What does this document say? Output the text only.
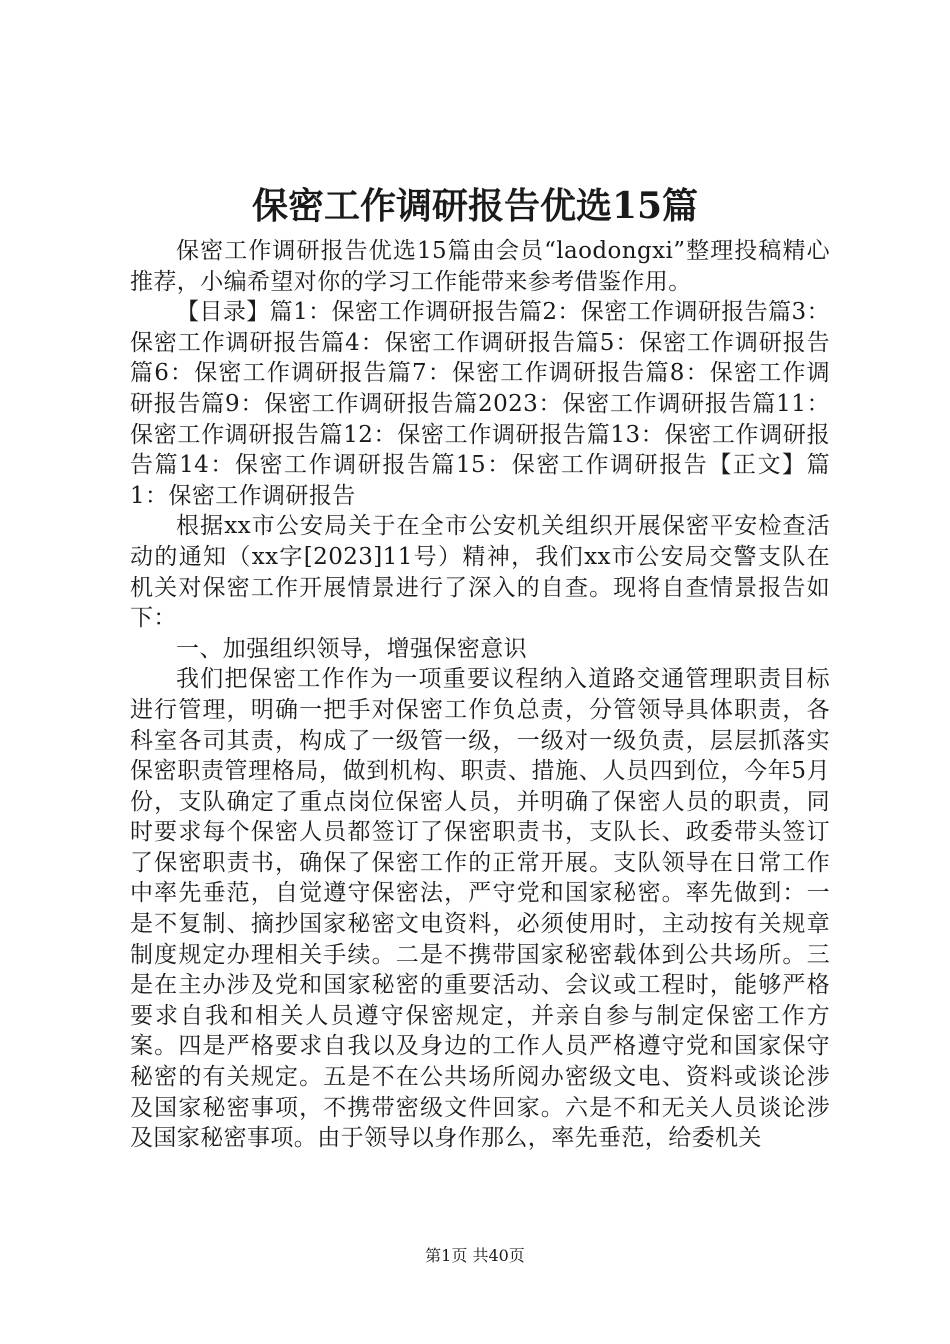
保密工作调研报告优选15篇

保密工作调研报告优选15篇由会员“laodongxi”整理投稿精心推荐，小编希望对你的学习工作能带来参考借鉴作用。

【目录】篇1：保密工作调研报告篇2：保密工作调研报告篇3：保密工作调研报告篇4：保密工作调研报告篇5：保密工作调研报告篇6：保密工作调研报告篇7：保密工作调研报告篇8：保密工作调研报告篇9：保密工作调研报告篇2023：保密工作调研报告篇11：保密工作调研报告篇12：保密工作调研报告篇13：保密工作调研报告篇14：保密工作调研报告篇15：保密工作调研报告【正文】篇1：保密工作调研报告

根据xx市公安局关于在全市公安机关组织开展保密平安检查活动的通知（xx字[2023]11号）精神，我们xx市公安局交警支队在机关对保密工作开展情景进行了深入的自查。现将自查情景报告如下：

一、加强组织领导，增强保密意识

我们把保密工作作为一项重要议程纳入道路交通管理职责目标进行管理，明确一把手对保密工作负总责，分管领导具体职责，各科室各司其责，构成了一级管一级，一级对一级负责，层层抓落实保密职责管理格局，做到机构、职责、措施、人员四到位，今年5月份，支队确定了重点岗位保密人员，并明确了保密人员的职责，同时要求每个保密人员都签订了保密职责书，支队长、政委带头签订了保密职责书，确保了保密工作的正常开展。支队领导在日常工作中率先垂范，自觉遵守保密法，严守党和国家秘密。率先做到：一是不复制、摘抄国家秘密文电资料，必须使用时，主动按有关规章制度规定办理相关手续。二是不携带国家秘密载体到公共场所。三是在主办涉及党和国家秘密的重要活动、会议或工程时，能够严格要求自我和相关人员遵守保密规定，并亲自参与制定保密工作方案。四是严格要求自我以及身边的工作人员严格遵守党和国家保守秘密的有关规定。五是不在公共场所阅办密级文电、资料或谈论涉及国家秘密事项，不携带密级文件回家。六是不和无关人员谈论涉及国家秘密事项。由于领导以身作那么，率先垂范，给委机关

第1页 共40页
